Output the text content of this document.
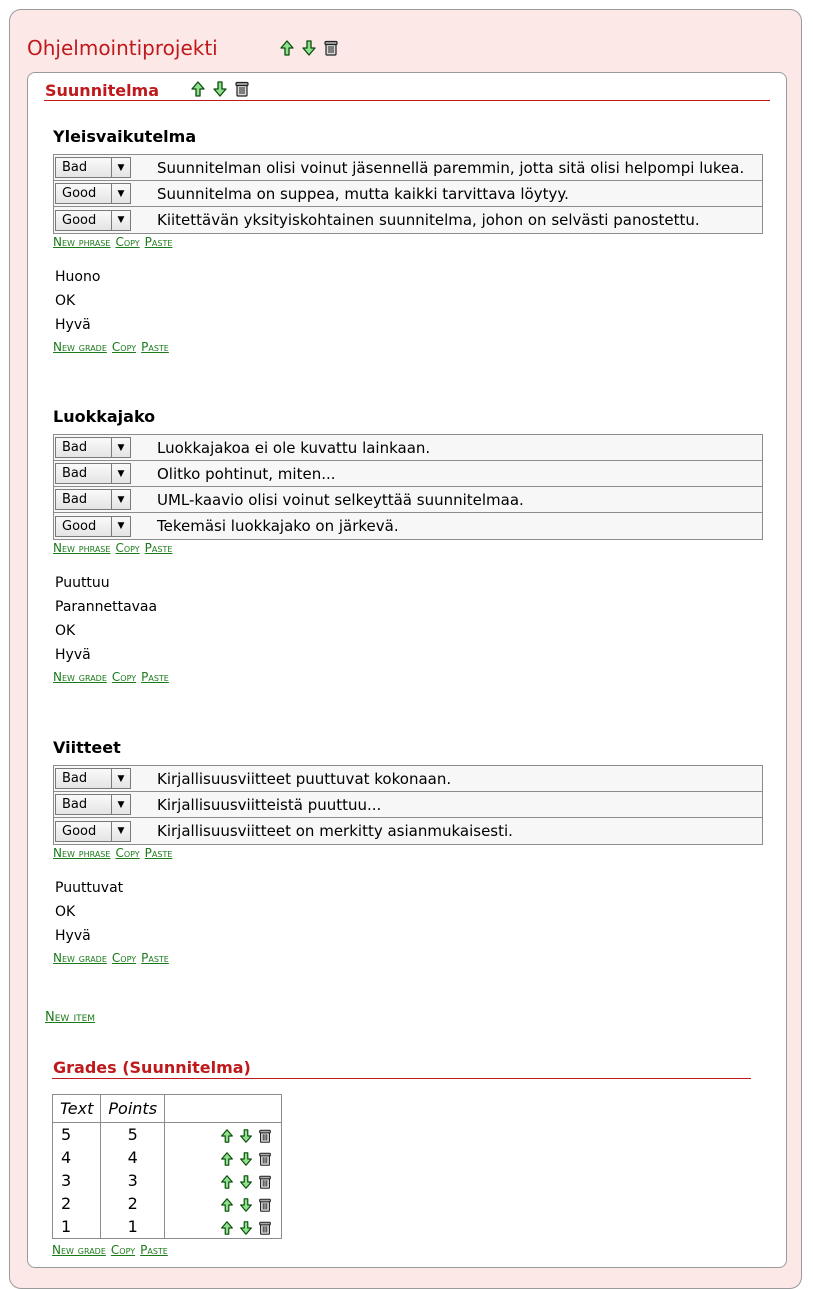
Ohjelmointiprojekti
Suunnitelma
Yleisvaikutelma
Bad	▼	Suunnitelman olisi voinut jäsennellä paremmin, jotta sitä olisi helpompi lukea.
Good	▼	Suunnitelma on suppea, mutta kaikki tarvittava löytyy.
Good	▼	Kiitettävän yksityiskohtainen suunnitelma, johon on selvästi panostettu.
New phrase Copy Paste
Huono
OK
Hyvä
New grade Copy Paste
Luokkajako
Bad	▼	Luokkajakoa ei ole kuvattu lainkaan.
Bad	▼	Olitko pohtinut, miten...
Bad	▼	UML-kaavio olisi voinut selkeyttää suunnitelmaa.
Good	▼	Tekemäsi luokkajako on järkevä.
New phrase Copy Paste
Puuttuu
Parannettavaa
OK
Hyvä
New grade Copy Paste
Viitteet
Bad	▼	Kirjallisuusviitteet puuttuvat kokonaan.
Bad	▼	Kirjallisuusviitteistä puuttuu...
Good	▼	Kirjallisuusviitteet on merkitty asianmukaisesti.
New phrase Copy Paste
Puuttuvat
OK
Hyvä
New grade Copy Paste
New item
Grades (Suunnitelma)
Text	Points	
5	5	

4	4	

3	3	

2	2	

1	1	
New grade Copy Paste
